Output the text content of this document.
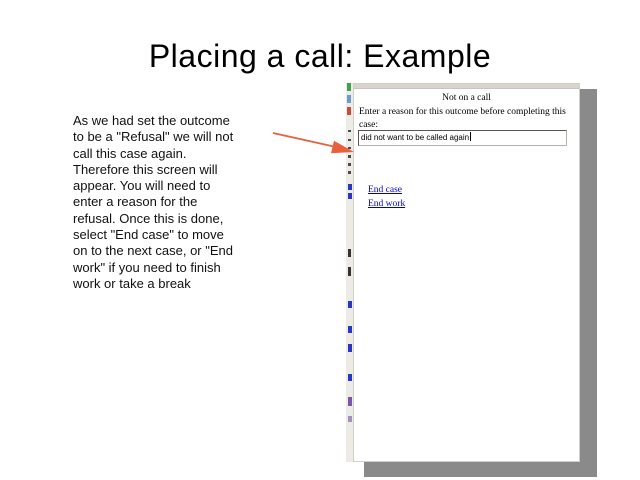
Placing a call: Example
As we had set the outcome
to be a "Refusal" we will not
call this case again.
Therefore this screen will
appear. You will need to
enter a reason for the
refusal. Once this is done,
select "End case" to move
on to the next case, or "End
work" if you need to finish
work or take a break
Not on a call
Enter a reason for this outcome before completing this
case:
did not want to be called again
End case
End work
